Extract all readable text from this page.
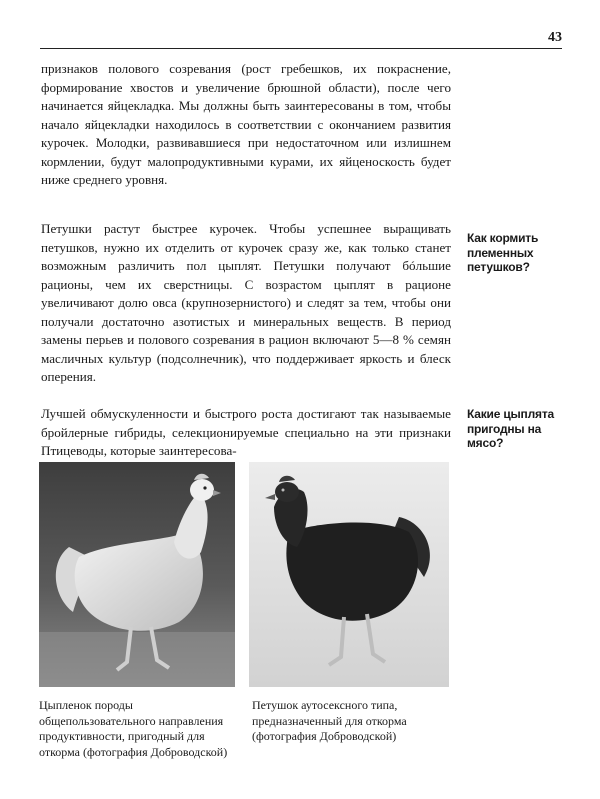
43

признаков полового созревания (рост гребешков, их покраснение, формирование хвостов и увеличение брюшной области), после чего начинается яйцекладка. Мы должны быть заинтересованы в том, чтобы начало яйцекладки находилось в соответствии с окончанием развития курочек. Молодки, развивавшиеся при недостаточном или излишнем кормлении, будут малопродуктивными курами, их яйценоскость будет ниже среднего уровня.

Петушки растут быстрее курочек. Чтобы успешнее выращивать петушков, нужно их отделить от курочек сразу же, как только станет возможным различить пол цыплят. Петушки получают бóльшие рационы, чем их сверстницы. С возрастом цыплят в рационе увеличивают долю овса (крупнозернистого) и следят за тем, чтобы они получали достаточно азотистых и минеральных веществ. В период замены перьев и полового созревания в рацион включают 5—8 % семян масличных культур (подсолнечник), что поддерживает яркость и блеск оперения.

Лучшей обмускуленности и быстрого роста достигают так называемые бройлерные гибриды, селекционируемые специально на эти признаки Птицеводы, которые заинтересова-

Как кормить племенных петушков?
Какие цыплята пригодны на мясо?

Цыпленок породы общепользовательного направления продуктивности, пригодный для откорма (фотография Доброводской)

Петушок аутосексного типа, предназначенный для откорма (фотография Доброводской)
